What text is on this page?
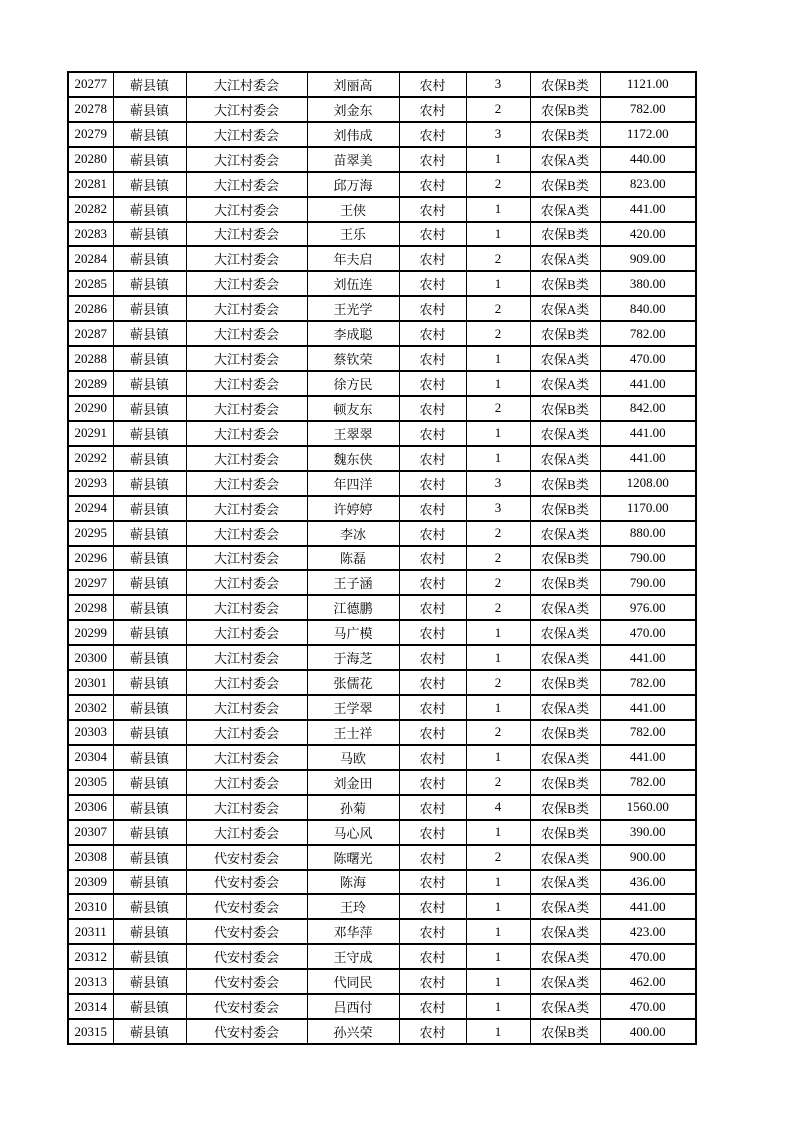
20277	蕲县镇	大江村委会	刘丽高	农村	3	农保B类	1121.00
20278	蕲县镇	大江村委会	刘金东	农村	2	农保B类	782.00
20279	蕲县镇	大江村委会	刘伟成	农村	3	农保B类	1172.00
20280	蕲县镇	大江村委会	苗翠美	农村	1	农保A类	440.00
20281	蕲县镇	大江村委会	邱万海	农村	2	农保B类	823.00
20282	蕲县镇	大江村委会	王侠	农村	1	农保A类	441.00
20283	蕲县镇	大江村委会	王乐	农村	1	农保B类	420.00
20284	蕲县镇	大江村委会	年夫启	农村	2	农保A类	909.00
20285	蕲县镇	大江村委会	刘伍连	农村	1	农保B类	380.00
20286	蕲县镇	大江村委会	王光学	农村	2	农保A类	840.00
20287	蕲县镇	大江村委会	李成聪	农村	2	农保B类	782.00
20288	蕲县镇	大江村委会	蔡钦荣	农村	1	农保A类	470.00
20289	蕲县镇	大江村委会	徐方民	农村	1	农保A类	441.00
20290	蕲县镇	大江村委会	顿友东	农村	2	农保B类	842.00
20291	蕲县镇	大江村委会	王翠翠	农村	1	农保A类	441.00
20292	蕲县镇	大江村委会	魏东侠	农村	1	农保A类	441.00
20293	蕲县镇	大江村委会	年四洋	农村	3	农保B类	1208.00
20294	蕲县镇	大江村委会	许婷婷	农村	3	农保B类	1170.00
20295	蕲县镇	大江村委会	李冰	农村	2	农保A类	880.00
20296	蕲县镇	大江村委会	陈磊	农村	2	农保B类	790.00
20297	蕲县镇	大江村委会	王子涵	农村	2	农保B类	790.00
20298	蕲县镇	大江村委会	江德鹏	农村	2	农保A类	976.00
20299	蕲县镇	大江村委会	马广模	农村	1	农保A类	470.00
20300	蕲县镇	大江村委会	于海芝	农村	1	农保A类	441.00
20301	蕲县镇	大江村委会	张儒花	农村	2	农保B类	782.00
20302	蕲县镇	大江村委会	王学翠	农村	1	农保A类	441.00
20303	蕲县镇	大江村委会	王士祥	农村	2	农保B类	782.00
20304	蕲县镇	大江村委会	马欧	农村	1	农保A类	441.00
20305	蕲县镇	大江村委会	刘金田	农村	2	农保B类	782.00
20306	蕲县镇	大江村委会	孙菊	农村	4	农保B类	1560.00
20307	蕲县镇	大江村委会	马心风	农村	1	农保B类	390.00
20308	蕲县镇	代安村委会	陈曙光	农村	2	农保A类	900.00
20309	蕲县镇	代安村委会	陈海	农村	1	农保A类	436.00
20310	蕲县镇	代安村委会	王玲	农村	1	农保A类	441.00
20311	蕲县镇	代安村委会	邓华萍	农村	1	农保A类	423.00
20312	蕲县镇	代安村委会	王守成	农村	1	农保A类	470.00
20313	蕲县镇	代安村委会	代同民	农村	1	农保A类	462.00
20314	蕲县镇	代安村委会	吕西付	农村	1	农保A类	470.00
20315	蕲县镇	代安村委会	孙兴荣	农村	1	农保B类	400.00
